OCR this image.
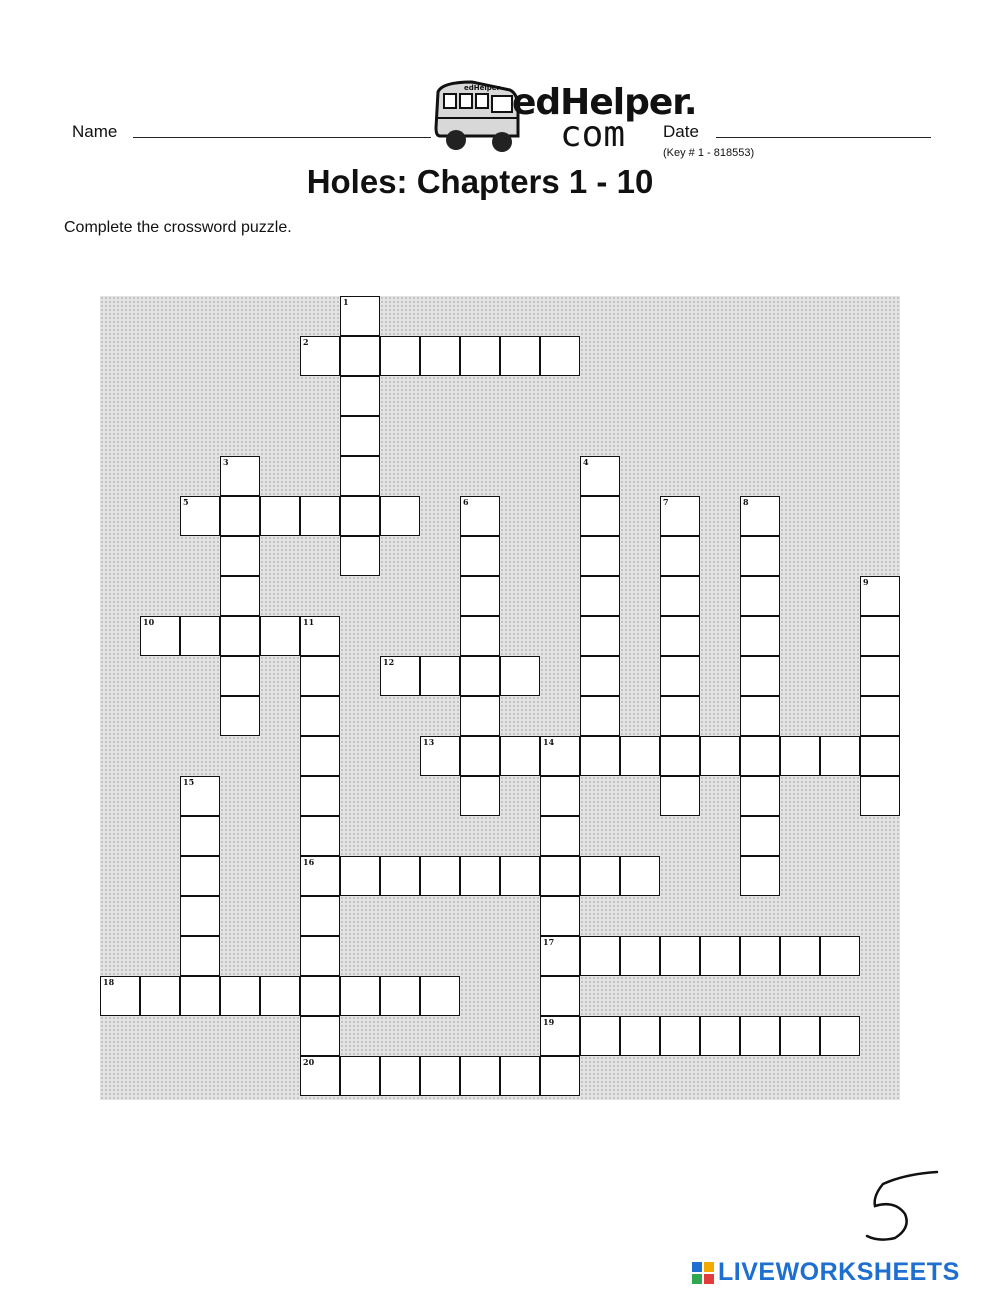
Name
edHelper edHelper.
com Date
(Key # 1 - 818553)
Holes: Chapters 1 - 10
Complete the crossword puzzle.
1
2
3	4
5	6	7	8
9
10	11
16
20
12
13	14
15
17
18
19
5
LIVEWORKSHEETS
